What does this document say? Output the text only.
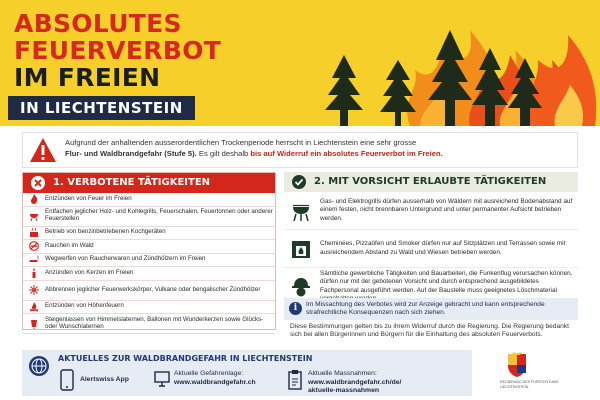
ABSOLUTES
FEUERVERBOT
IM FREIEN
IN LIECHTENSTEIN
Aufgrund der anhaltenden ausserordentlichen Trockenperiode herrscht in Liechtenstein eine sehr grosse
Flur- und Waldbrandgefahr (Stufe 5). Es gilt deshalb bis auf Widerruf ein absolutes Feuerverbot im Freien.
1. VERBOTENE TÄTIGKEITEN
Entzünden von Feuer im Freien
Entfachen jeglicher Holz- und Kohlegrills, Feuerschalen, Feuertonnen oder anderer Feuerstellen
Betrieb von benzinbetriebenen Kochgeräten
Rauchen im Wald
Wegwerfen von Raucherwaren und Zündhölzern im Freien
Anzünden von Kerzen im Freien
Abbrennen jeglicher Feuerwerkskörper, Vulkane oder bengalischer Zündhölzer
Entzünden von Höhenfeuern
Steigenlassen von Himmelslaternen, Ballonen mit Wunderkerzen sowie Glücks- oder Wunschlaternen
2. MIT VORSICHT ERLAUBTE TÄTIGKEITEN
Gas- und Elektrogrills dürfen ausserhalb von Wäldern mit ausreichend Bodenabstand auf einem festen, nicht brennbaren Untergrund und unter permanenter Aufsicht betrieben werden.
Cheminées, Pizzaöfen und Smoker dürfen nur auf Sitzplätzen und Terrassen sowie mit ausreichendem Abstand zu Wald und Wiesen betrieben werden.
Sämtliche gewerbliche Tätigkeiten und Bauarbeiten, die Funkenflug verursachen können, dürfen nur mit der gebotenen Vorsicht und durch entsprechend ausgebildetes Fachpersonal ausgeführt werden. Auf der Baustelle muss geeignetes Löschmaterial
i	Im Missachtung des Verbotes wird zur Anzeige gebracht und kann entsprechende strafrechtliche Konsequenzen nach sich ziehen.
Diese Bestimmungen gelten bis zu ihrem Widerruf durch die Regierung. Die Regierung bedankt sich bei allen Bürgerinnen und Bürgern für die Einhaltung des absoluten Feuerverbots.
AKTUELLES ZUR WALDBRANDGEFAHR IN LIECHTENSTEIN
Alertswiss App
Aktuelle Gefahrenlage:
www.waldbrandgefahr.ch
Aktuelle Massnahmen:
www.waldbrandgefahr.ch/de/
aktuelle-massnahmen
REGIERUNG DES FÜRSTENTUMS LIECHTENSTEIN
